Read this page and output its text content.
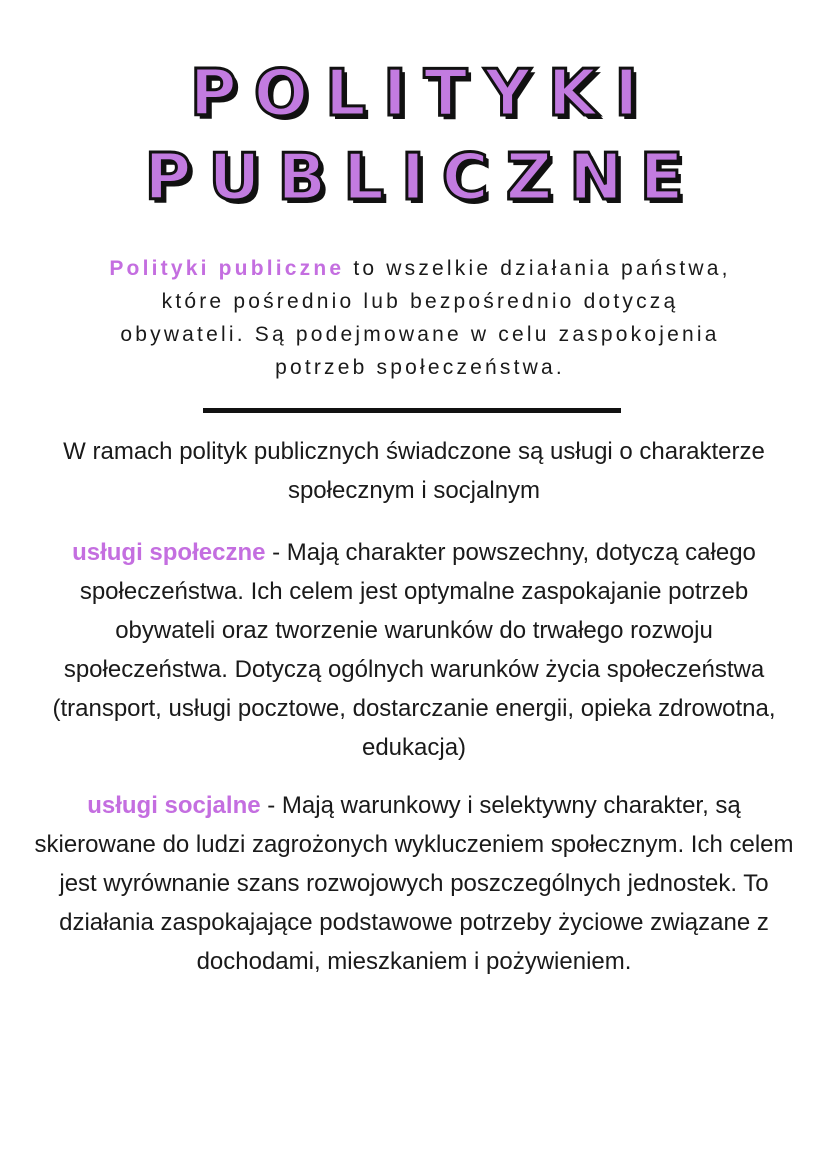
POLITYKI
PUBLICZNE

Polityki publiczne to wszelkie działania państwa, które pośrednio lub bezpośrednio dotyczą obywateli. Są podejmowane w celu zaspokojenia potrzeb społeczeństwa.

W ramach polityk publicznych świadczone są usługi o charakterze społecznym i socjalnym

usługi społeczne - Mają charakter powszechny, dotyczą całego społeczeństwa. Ich celem jest optymalne zaspokajanie potrzeb obywateli oraz tworzenie warunków do trwałego rozwoju społeczeństwa. Dotyczą ogólnych warunków życia społeczeństwa (transport, usługi pocztowe, dostarczanie energii, opieka zdrowotna, edukacja)

usługi socjalne - Mają warunkowy i selektywny charakter, są skierowane do ludzi zagrożonych wykluczeniem społecznym. Ich celem jest wyrównanie szans rozwojowych poszczególnych jednostek. To działania zaspokajające podstawowe potrzeby życiowe związane z dochodami, mieszkaniem i pożywieniem.
